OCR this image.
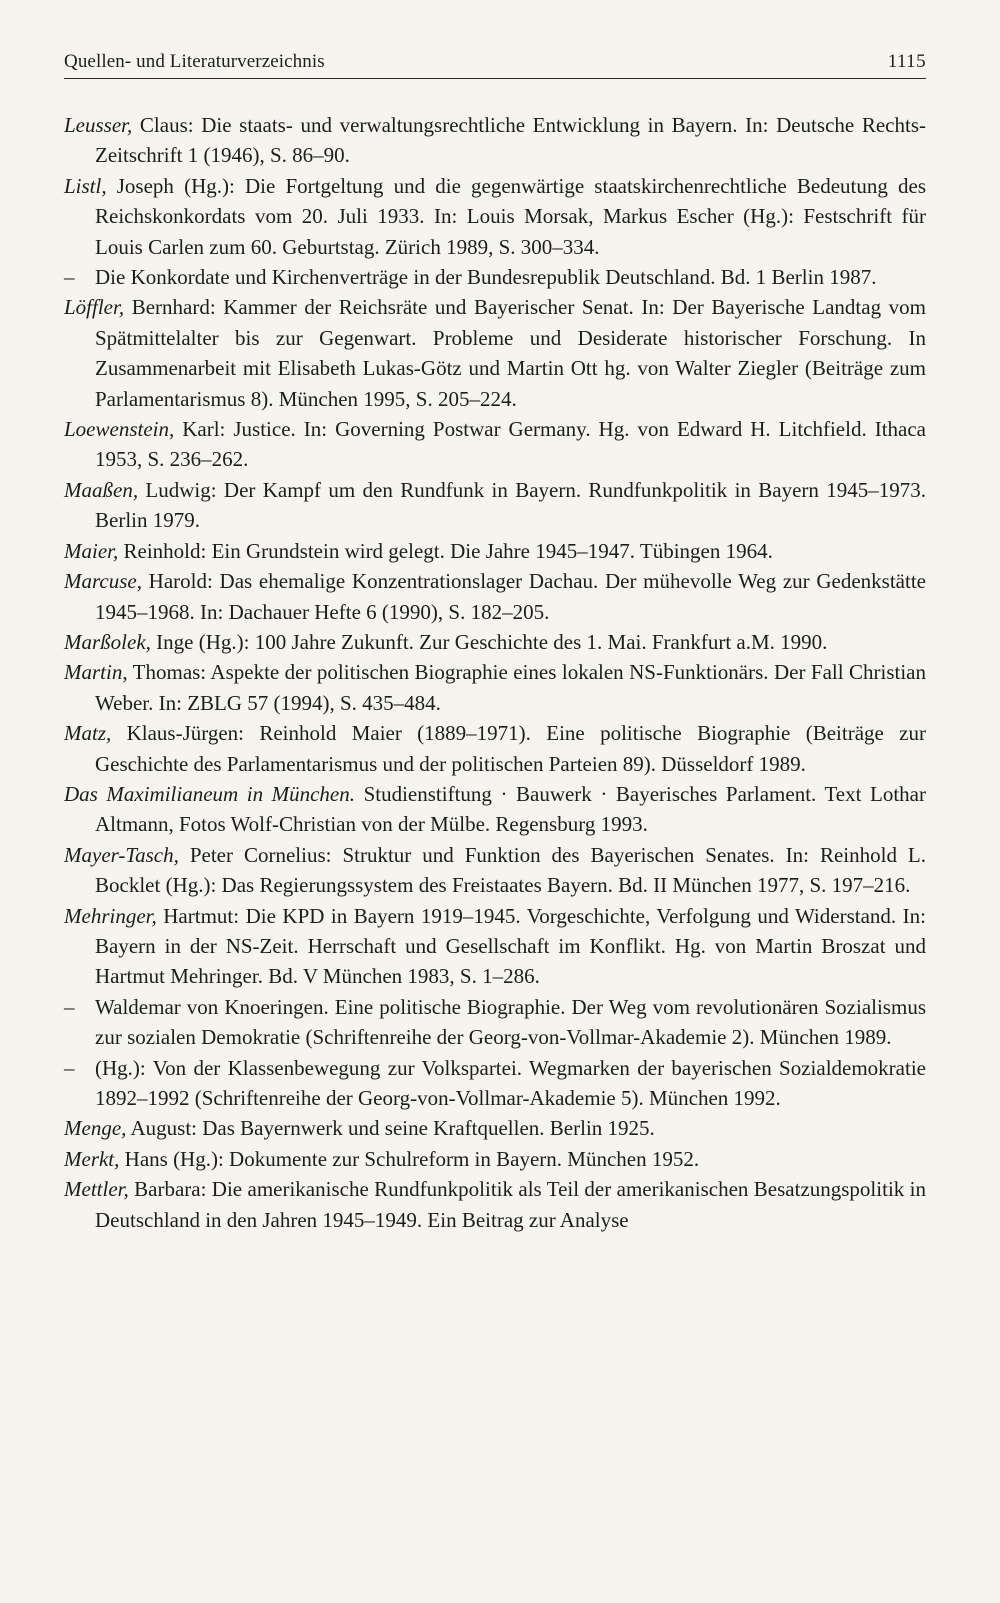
Quellen- und Literaturverzeichnis	1115

Leusser, Claus: Die staats- und verwaltungsrechtliche Entwicklung in Bayern. In: Deutsche Rechts-Zeitschrift 1 (1946), S. 86–90.

Listl, Joseph (Hg.): Die Fortgeltung und die gegenwärtige staatskirchenrechtliche Bedeutung des Reichskonkordats vom 20. Juli 1933. In: Louis Morsak, Markus Escher (Hg.): Festschrift für Louis Carlen zum 60. Geburtstag. Zürich 1989, S. 300–334.

– Die Konkordate und Kirchenverträge in der Bundesrepublik Deutschland. Bd. 1 Berlin 1987.

Löffler, Bernhard: Kammer der Reichsräte und Bayerischer Senat. In: Der Bayerische Landtag vom Spätmittelalter bis zur Gegenwart. Probleme und Desiderate historischer Forschung. In Zusammenarbeit mit Elisabeth Lukas-Götz und Martin Ott hg. von Walter Ziegler (Beiträge zum Parlamentarismus 8). München 1995, S. 205–224.

Loewenstein, Karl: Justice. In: Governing Postwar Germany. Hg. von Edward H. Litchfield. Ithaca 1953, S. 236–262.

Maaßen, Ludwig: Der Kampf um den Rundfunk in Bayern. Rundfunkpolitik in Bayern 1945–1973. Berlin 1979.

Maier, Reinhold: Ein Grundstein wird gelegt. Die Jahre 1945–1947. Tübingen 1964.

Marcuse, Harold: Das ehemalige Konzentrationslager Dachau. Der mühevolle Weg zur Gedenkstätte 1945–1968. In: Dachauer Hefte 6 (1990), S. 182–205.

Marßolek, Inge (Hg.): 100 Jahre Zukunft. Zur Geschichte des 1. Mai. Frankfurt a.M. 1990.

Martin, Thomas: Aspekte der politischen Biographie eines lokalen NS-Funktionärs. Der Fall Christian Weber. In: ZBLG 57 (1994), S. 435–484.

Matz, Klaus-Jürgen: Reinhold Maier (1889–1971). Eine politische Biographie (Beiträge zur Geschichte des Parlamentarismus und der politischen Parteien 89). Düsseldorf 1989.

Das Maximilianeum in München. Studienstiftung · Bauwerk · Bayerisches Parlament. Text Lothar Altmann, Fotos Wolf-Christian von der Mülbe. Regensburg 1993.

Mayer-Tasch, Peter Cornelius: Struktur und Funktion des Bayerischen Senates. In: Reinhold L. Bocklet (Hg.): Das Regierungssystem des Freistaates Bayern. Bd. II München 1977, S. 197–216.

Mehringer, Hartmut: Die KPD in Bayern 1919–1945. Vorgeschichte, Verfolgung und Widerstand. In: Bayern in der NS-Zeit. Herrschaft und Gesellschaft im Konflikt. Hg. von Martin Broszat und Hartmut Mehringer. Bd. V München 1983, S. 1–286.

– Waldemar von Knoeringen. Eine politische Biographie. Der Weg vom revolutionären Sozialismus zur sozialen Demokratie (Schriftenreihe der Georg-von-Vollmar-Akademie 2). München 1989.

– (Hg.): Von der Klassenbewegung zur Volkspartei. Wegmarken der bayerischen Sozialdemokratie 1892–1992 (Schriftenreihe der Georg-von-Vollmar-Akademie 5). München 1992.

Menge, August: Das Bayernwerk und seine Kraftquellen. Berlin 1925.

Merkt, Hans (Hg.): Dokumente zur Schulreform in Bayern. München 1952.

Mettler, Barbara: Die amerikanische Rundfunkpolitik als Teil der amerikanischen Besatzungspolitik in Deutschland in den Jahren 1945–1949. Ein Beitrag zur Analyse
